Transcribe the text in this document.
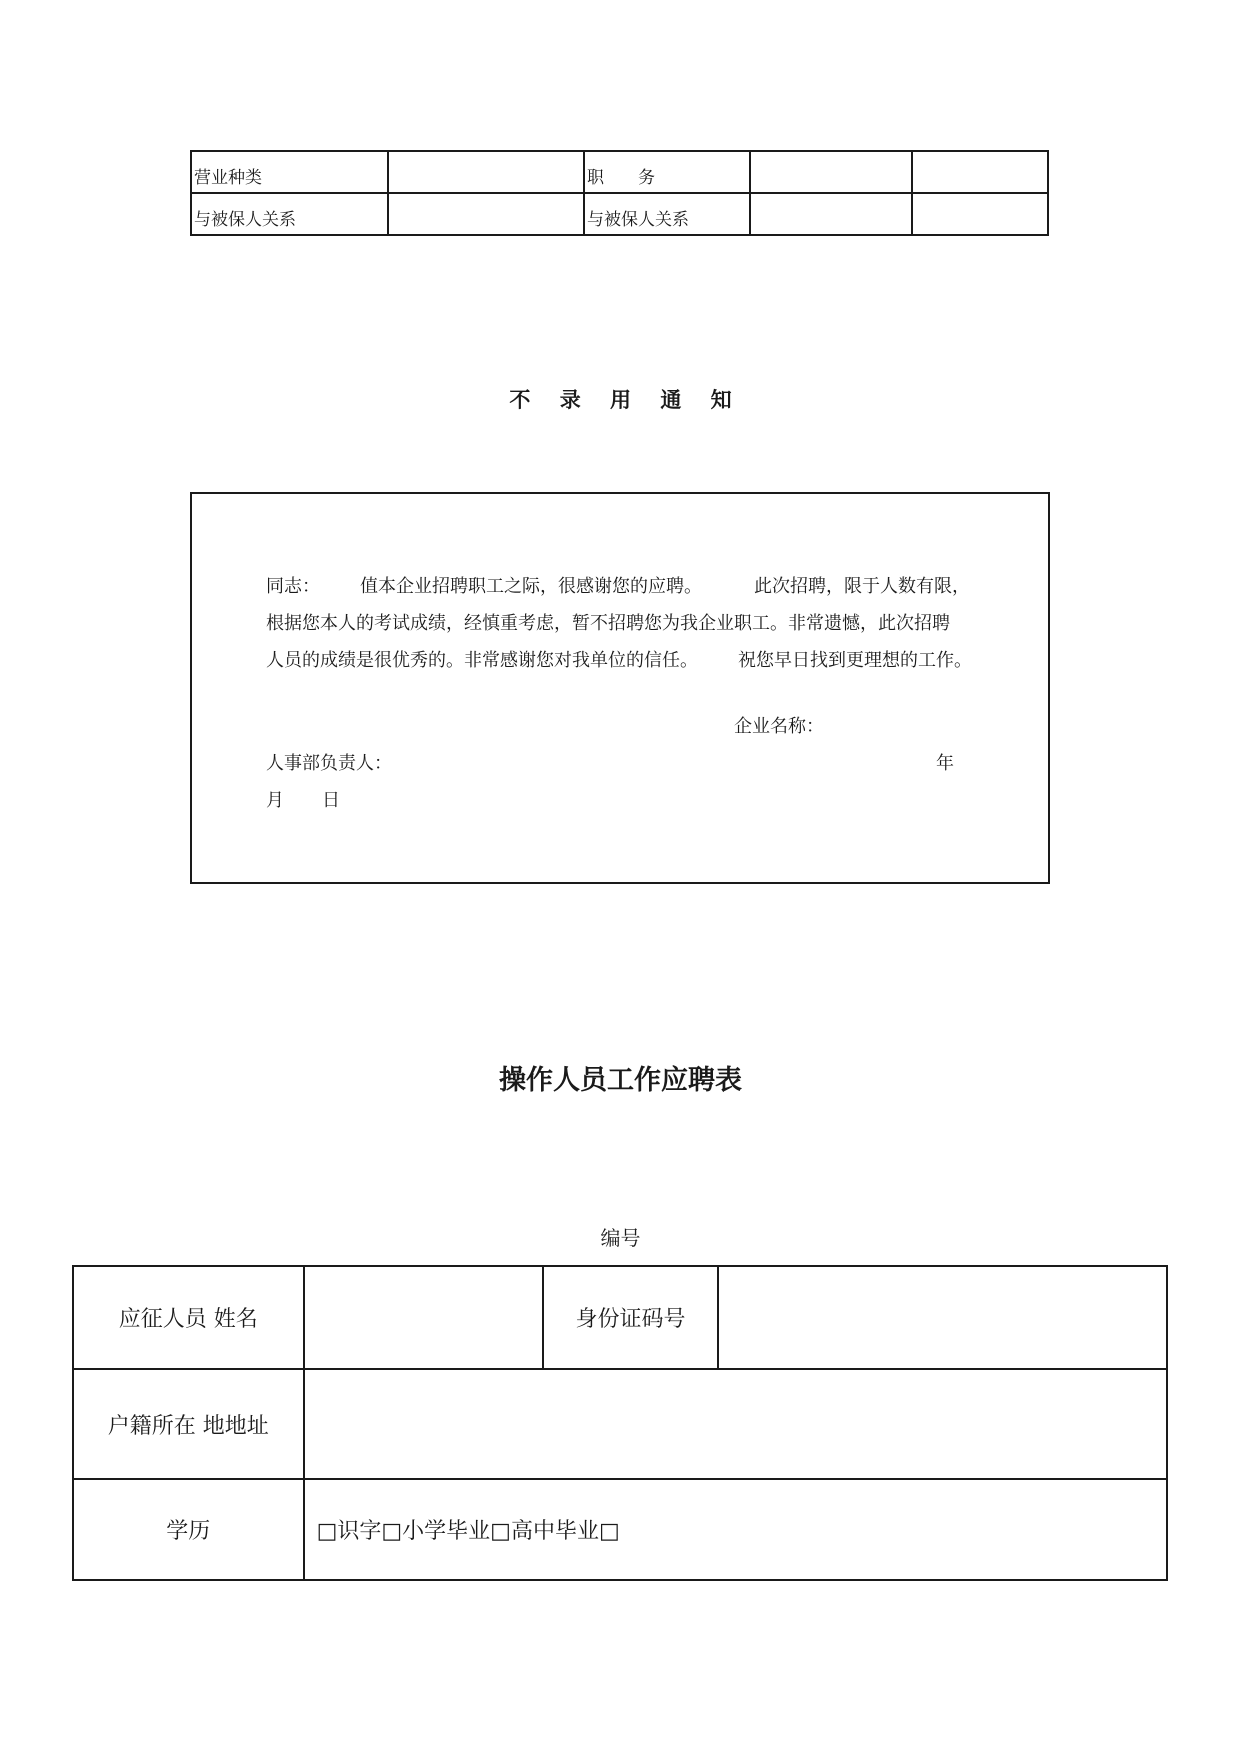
营业种类		职　　务		
与被保人关系		与被保人关系		
不 录 用 通 知
同志： 值本企业招聘职工之际，很感谢您的应聘。	此次招聘，限于人数有限，
根据您本人的考试成绩，经慎重考虑，暂不招聘您为我企业职工。非常遗憾，此次招聘
人员的成绩是很优秀的。非常感谢您对我单位的信任。 祝您早日找到更理想的工作。
企业名称：
人事部负责人：	年
月 日
操作人员工作应聘表
编号
应征人员 姓名		身份证码号	
户籍所在 地地址			
学历	□识字□小学毕业□高中毕业□		
